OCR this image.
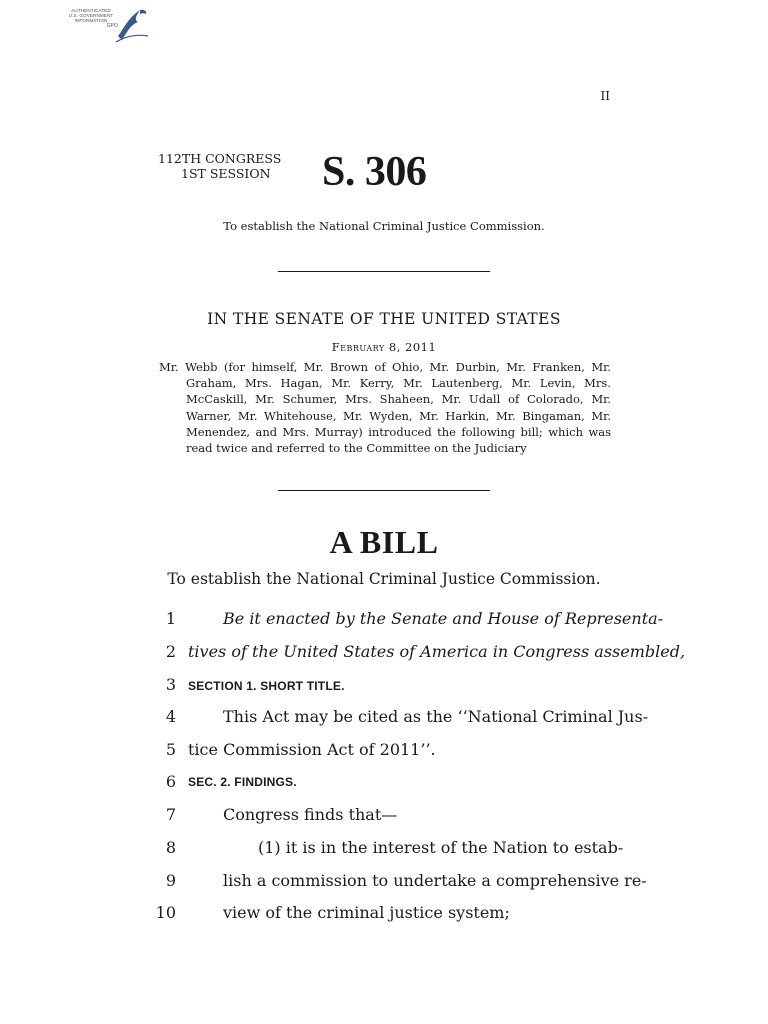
AUTHENTICATED
U.S. GOVERNMENT
INFORMATION
GPO
II
112TH CONGRESS
1ST SESSION S. 306
To establish the National Criminal Justice Commission.
IN THE SENATE OF THE UNITED STATES
February 8, 2011
Mr. Webb (for himself, Mr. Brown of Ohio, Mr. Durbin, Mr. Franken, Mr. Graham, Mrs. Hagan, Mr. Kerry, Mr. Lautenberg, Mr. Levin, Mrs. McCaskill, Mr. Schumer, Mrs. Shaheen, Mr. Udall of Colorado, Mr. Warner, Mr. Whitehouse, Mr. Wyden, Mr. Harkin, Mr. Bingaman, Mr. Menendez, and Mrs. Murray) introduced the following bill; which was read twice and referred to the Committee on the Judiciary
A BILL
To establish the National Criminal Justice Commission.
1	Be it enacted by the Senate and House of Representa-
2 tives of the United States of America in Congress assembled,
3 SECTION 1. SHORT TITLE.
4	This Act may be cited as the ‘‘National Criminal Jus-
5 tice Commission Act of 2011’’.
6 SEC. 2. FINDINGS.
7	Congress finds that—
8	(1) it is in the interest of the Nation to estab-
9	lish a commission to undertake a comprehensive re-
10	view of the criminal justice system;
